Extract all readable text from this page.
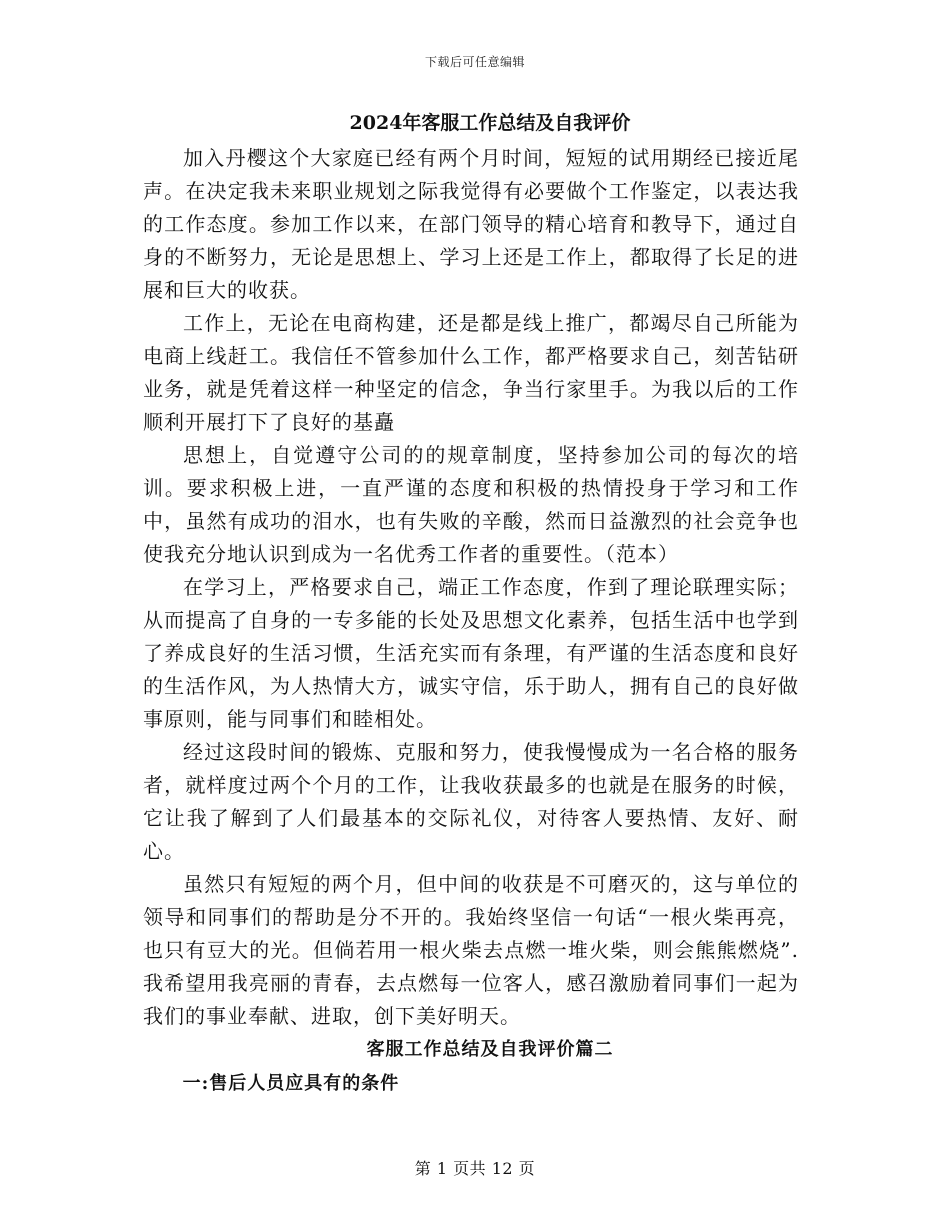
下载后可任意编辑
2024年客服工作总结及自我评价

加入丹樱这个大家庭已经有两个月时间，短短的试用期经已接近尾声。在决定我未来职业规划之际我觉得有必要做个工作鉴定，以表达我的工作态度。参加工作以来，在部门领导的精心培育和教导下，通过自身的不断努力，无论是思想上、学习上还是工作上，都取得了长足的进展和巨大的收获。

工作上，无论在电商构建，还是都是线上推广，都竭尽自己所能为电商上线赶工。我信任不管参加什么工作，都严格要求自己，刻苦钻研业务，就是凭着这样一种坚定的信念，争当行家里手。为我以后的工作顺利开展打下了良好的基矗

思想上，自觉遵守公司的的规章制度，坚持参加公司的每次的培训。要求积极上进，一直严谨的态度和积极的热情投身于学习和工作中，虽然有成功的泪水，也有失败的辛酸，然而日益激烈的社会竞争也使我充分地认识到成为一名优秀工作者的重要性。（范本）

在学习上，严格要求自己，端正工作态度，作到了理论联理实际；从而提高了自身的一专多能的长处及思想文化素养，包括生活中也学到了养成良好的生活习惯，生活充实而有条理，有严谨的生活态度和良好的生活作风，为人热情大方，诚实守信，乐于助人，拥有自己的良好做事原则，能与同事们和睦相处。

经过这段时间的锻炼、克服和努力，使我慢慢成为一名合格的服务者，就样度过两个个月的工作，让我收获最多的也就是在服务的时候，它让我了解到了人们最基本的交际礼仪，对待客人要热情、友好、耐心。

虽然只有短短的两个月，但中间的收获是不可磨灭的，这与单位的领导和同事们的帮助是分不开的。我始终坚信一句话“一根火柴再亮，也只有豆大的光。但倘若用一根火柴去点燃一堆火柴，则会熊熊燃烧”.我希望用我亮丽的青春，去点燃每一位客人，感召激励着同事们一起为我们的事业奉献、进取，创下美好明天。

客服工作总结及自我评价篇二
一:售后人员应具有的条件
第 1 页共 12 页
